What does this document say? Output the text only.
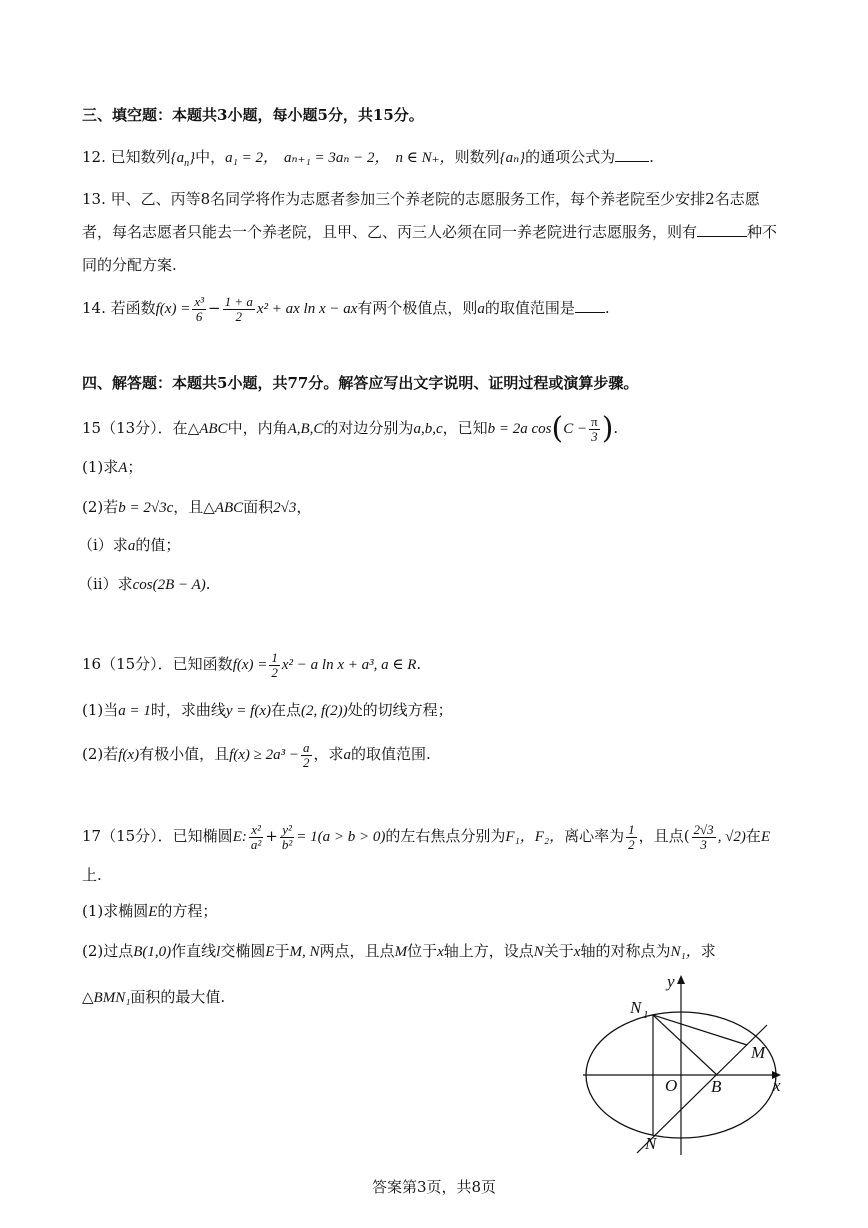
三、填空题：本题共3小题，每小题5分，共15分。
12. 已知数列$\{a_n\}$中，a₁ = 2， aₙ₊₁ = 3aₙ − 2， n ∈ N₊，则数列{aₙ}的通项公式为 .
13. 甲、乙、丙等8名同学将作为志愿者参加三个养老院的志愿服务工作，每个养老院至少安排2名志愿
者，每名志愿者只能去一个养老院，且甲、乙、丙三人必须在同一养老院进行志愿服务，则有	种不
同的分配方案.
14. 若函数$f(x) = \frac{\text{x³}}{6} - \frac{1 + a}{2} x^2$ + ax ln x − ax有两个极值点，则a的取值范围是 .
四、解答题：本题共5小题，共77分。解答应写出文字说明、证明过程或演算步骤。
15（13分）．在△ABC中，内角A,B,C的对边分别为a,b,c，已知b = 2a $\cos(C - \frac{\pi}{3}$ ).
(1)求A；
(2)若b = 2√3c，且△ABC面积2√3，
（i）求a的值；
（ii）求cos(2B − A).
16（15分）．已知函数$f(x) = \frac{1}{2} x^2 - a$ ln x + a³, a ∈ R.
(1)当a = 1时，求曲线y = f(x)在点(2, f(2))处的切线方程；
(2)若f(x)有极小值，且$f(x) \ge 2a^3 - \frac{a}{2}$ ，求a的取值范围.
17（15分）．已知椭圆E: $\frac{\text{x²}}{\text{a²}} + \frac{\text{y²}}{\text{b²}} = 1(a > b > 0)$的左右焦点分别为F₁，F₂，离心率为 $\frac{1}{2}$ ，且点( $\frac{2√3}{3}$ , √2)在E
上.
(1)求椭圆E的方程；
(2)过点B(1,0)作直线l交椭圆E于M, N两点，且点M位于x轴上方，设点N关于x轴的对称点为N₁，求
△BMN₁面积的最大值.
y
x
N 1
M
O B
N
答案第3页，共8页
